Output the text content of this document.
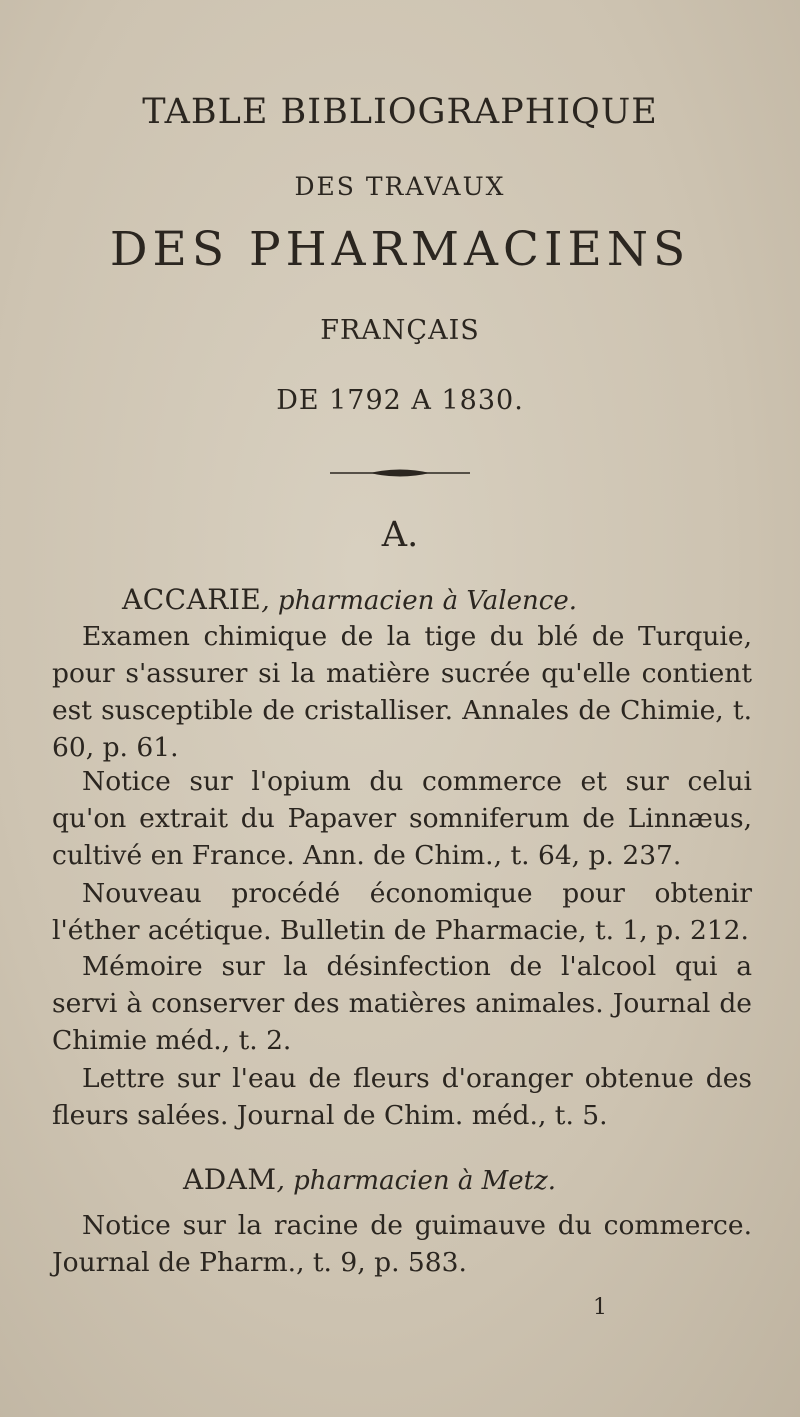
TABLE BIBLIOGRAPHIQUE
DES TRAVAUX
DES PHARMACIENS
FRANÇAIS
DE 1792 A 1830.
A.
ACCARIE, pharmacien à Valence.

Examen chimique de la tige du blé de Turquie, pour s'assurer si la matière sucrée qu'elle contient est susceptible de cristalliser. Annales de Chimie, t. 60, p. 61.

Notice sur l'opium du commerce et sur celui qu'on extrait du Papaver somniferum de Linnæus, cultivé en France. Ann. de Chim., t. 64, p. 237.

Nouveau procédé économique pour obtenir l'éther acétique. Bulletin de Pharmacie, t. 1, p. 212.

Mémoire sur la désinfection de l'alcool qui a servi à conserver des matières animales. Journal de Chimie méd., t. 2.

Lettre sur l'eau de fleurs d'oranger obtenue des fleurs salées. Journal de Chim. méd., t. 5.

ADAM, pharmacien à Metz.

Notice sur la racine de guimauve du commerce. Journal de Pharm., t. 9, p. 583.

1
